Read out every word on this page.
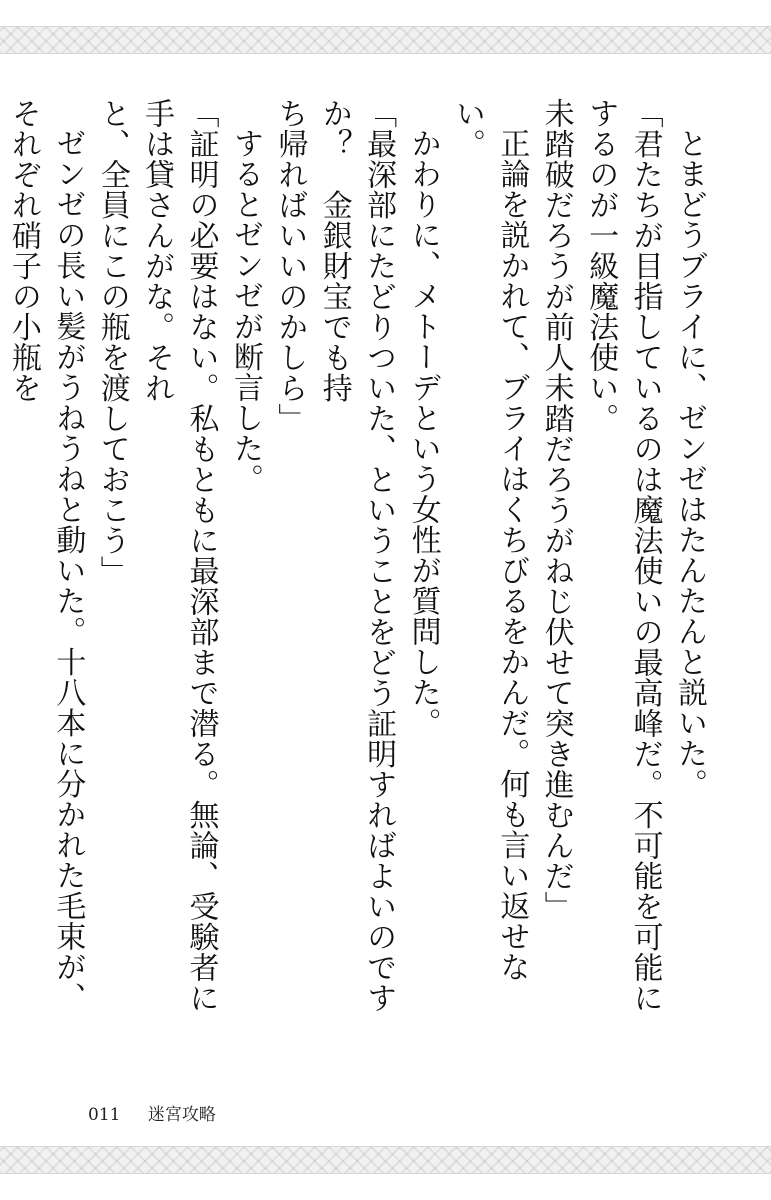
とまどうブライに、ゼンゼはたんたんと説いた。

「君たちが目指しているのは魔法使いの最高峰だ。不可能を可能にするのが一級魔法使い。

未踏破だろうが前人未踏だろうがねじ伏せて突き進むんだ」

正論を説かれて、ブライはくちびるをかんだ。何も言い返せない。

かわりに、メトーデという女性が質問した。

「最深部にたどりついた、ということをどう証明すればよいのですか？　金銀財宝でも持

ち帰ればいいのかしら」

するとゼンゼが断言した。

「証明の必要はない。私もともに最深部まで潜る。無論、受験者に手は貸さんがな。それ

と、全員にこの瓶を渡しておこう」

ゼンゼの長い髪がうねうねと動いた。十八本に分かれた毛束が、それぞれ硝子の小瓶を

011 迷宮攻略
